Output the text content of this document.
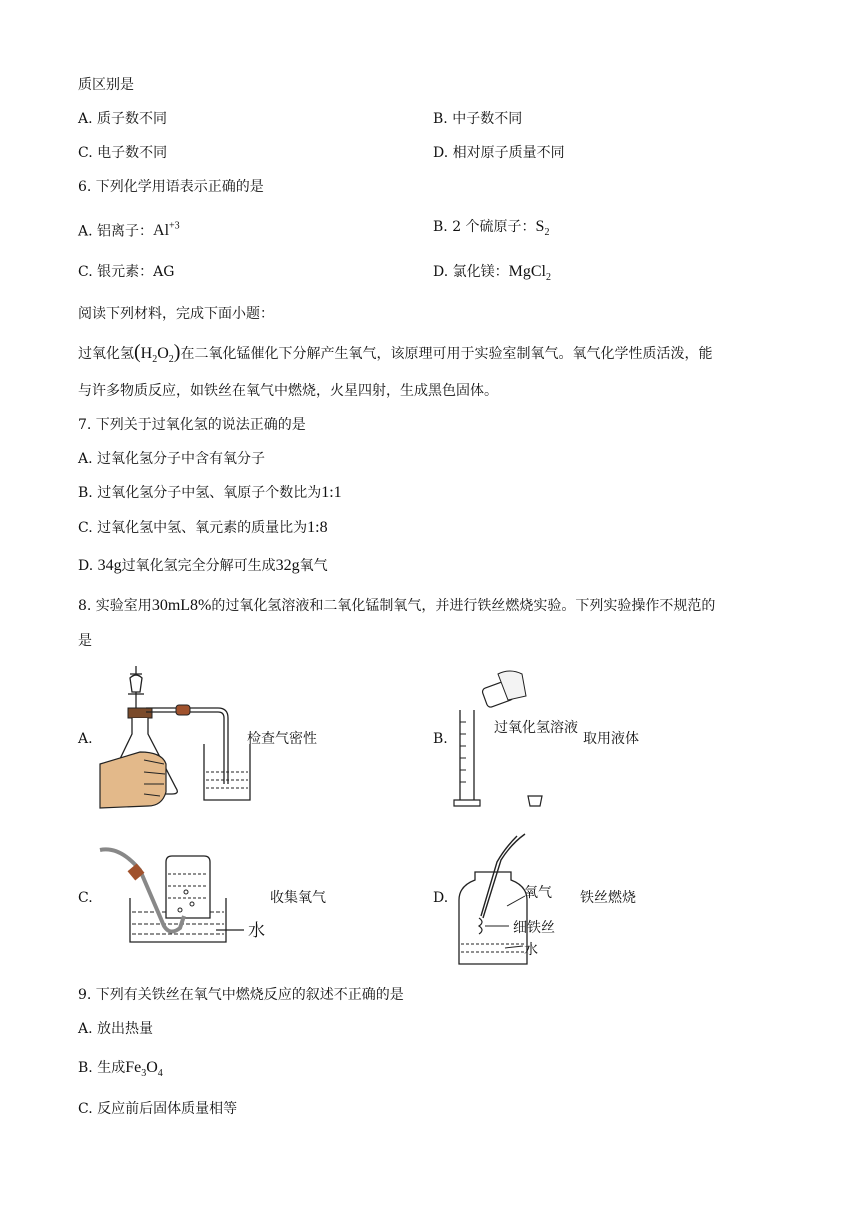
质区别是
A. 质子数不同	B. 中子数不同
C. 电子数不同	D. 相对原子质量不同
6. 下列化学用语表示正确的是
A. 铝离子：$Al^{+3}$	B. 2 个硫原子：$S_2$
C. 银元素：AG	D. 氯化镁：MgCl$_2$
阅读下列材料，完成下面小题：
过氧化氢$(H_2O_2)$在二氧化锰催化下分解产生氧气，该原理可用于实验室制氧气。氧气化学性质活泼，能
与许多物质反应，如铁丝在氧气中燃烧，火星四射，生成黑色固体。
7. 下列关于过氧化氢的说法正确的是
A. 过氧化氢分子中含有氧分子
B. 过氧化氢分子中氢、氧原子个数比为1:1
C. 过氧化氢中氢、氧元素的质量比为1:8
D. 34g过氧化氢完全分解可生成32g氧气
8. 实验室用30mL8%的过氧化氢溶液和二氧化锰制氧气，并进行铁丝燃烧实验。下列实验操作不规范的
是
A.	检查气密性	B.
过氧化氢溶液
取用液体
C.
水
收集氧气	D.	氧气 铁丝燃烧
细铁丝
水
9. 下列有关铁丝在氧气中燃烧反应的叙述不正确的是
A. 放出热量
B. 生成$Fe_3O_4$
C. 反应前后固体质量相等
